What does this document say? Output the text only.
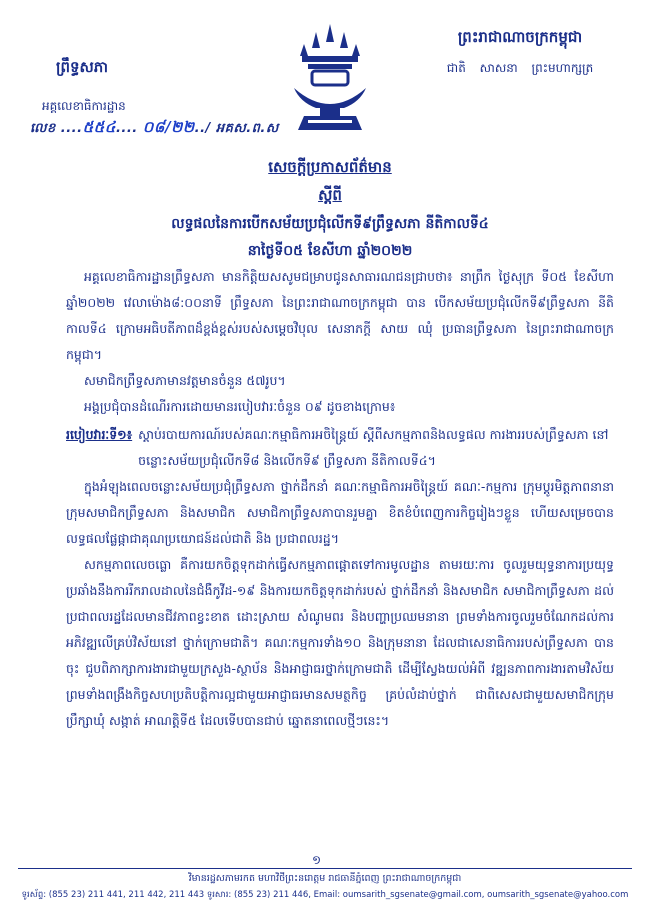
ព្រឹទ្ធសភា
អគ្គលេខាធិការដ្ឋាន
លេខ ....៥៥៤.... ០៨/២២../ អគស.ព.ស
ព្រះរាជាណាចក្រកម្ពុជា
ជាតិ សាសនា ព្រះមហាក្សត្រ
សេចក្តីប្រកាសព័ត៌មាន
ស្តីពី
លទ្ធផលនៃការបើកសម័យប្រជុំលើកទី៩ព្រឹទ្ធសភា នីតិកាលទី៤
នាថ្ងៃទី០៥ ខែសីហា ឆ្នាំ២០២២

អគ្គលេខាធិការដ្ឋានព្រឹទ្ធសភា មានកិត្តិយសសូមជម្រាបជូនសាធារណជនជ្រាបថា៖ នាព្រឹក ថ្ងៃសុក្រ ទី០៥ ខែសីហា ឆ្នាំ២០២២ វេលាម៉ោង៨:០០នាទី ព្រឹទ្ធសភា នៃព្រះរាជាណាចក្រកម្ពុជា បាន បើកសម័យប្រជុំលើកទី៩ព្រឹទ្ធសភា នីតិកាលទី៤ ក្រោមអធិបតីភាពដ៏ខ្ពង់ខ្ពស់របស់សម្តេចវិបុល សេនាភក្តី សាយ ឈុំ ប្រធានព្រឹទ្ធសភា នៃព្រះរាជាណាចក្រកម្ពុជា។

សមាជិកព្រឹទ្ធសភាមានវត្តមានចំនួន ៥៧រូប។

អង្គប្រជុំបានដំណើរការដោយមានរបៀបវារៈចំនួន ០៩ ដូចខាងក្រោម៖

របៀបវារៈទី១៖ ស្តាប់របាយការណ៍របស់គណៈកម្មាធិការអចិន្ត្រៃយ៍ ស្តីពីសកម្មភាពនិងលទ្ធផល ការងាររបស់ព្រឹទ្ធសភា នៅចន្លោះសម័យប្រជុំលើកទី៨ និងលើកទី៩ ព្រឹទ្ធសភា នីតិកាលទី៤។

ក្នុងអំឡុងពេលចន្លោះសម័យប្រជុំព្រឹទ្ធសភា ថ្នាក់ដឹកនាំ គណៈកម្មាធិការអចិន្ត្រៃយ៍ គណៈ-កម្មការ ក្រុមប្តូរមិត្តភាពនានា ក្រុមសមាជិកព្រឹទ្ធសភា និងសមាជិក សមាជិកាព្រឹទ្ធសភាបានរួមគ្នា ខិតខំបំពេញការកិច្ចរៀងៗខ្លួន ហើយសម្រេចបានលទ្ធផលផ្លែផ្កាជាគុណប្រយោជន៍ដល់ជាតិ និង ប្រជាពលរដ្ឋ។

សកម្មភាពលេចធ្លោ គឺការយកចិត្តទុកដាក់ធ្វើសកម្មភាពផ្តោតទៅការមូលដ្ឋាន តាមរយៈការ ចូលរួមយុទ្ធនាការប្រយុទ្ធប្រឆាំងនឹងការរីករាលដាលនៃជំងឺកូវីដ-១៩ និងការយកចិត្តទុកដាក់របស់ ថ្នាក់ដឹកនាំ និងសមាជិក សមាជិកាព្រឹទ្ធសភា ដល់ប្រជាពលរដ្ឋដែលមានជីវភាពខ្វះខាត ដោះស្រាយ សំណូមពរ និងបញ្ហាប្រឈមនានា ព្រមទាំងការចូលរួមចំណែកដល់ការអភិវឌ្ឍលើគ្រប់វិស័យនៅ ថ្នាក់ក្រោមជាតិ។ គណៈកម្មការទាំង១០ និងក្រុមនានា ដែលជាសេនាធិការរបស់ព្រឹទ្ធសភា បានចុះ ជួបពិភាក្សាការងារជាមួយក្រសួង-ស្ថាប័ន និងអាជ្ញាធរថ្នាក់ក្រោមជាតិ ដើម្បីស្វែងយល់អំពី វឌ្ឍនភាពការងារតាមវិស័យ ព្រមទាំងពង្រឹងកិច្ចសហប្រតិបត្តិការល្អជាមួយអាជ្ញាធរមានសមត្ថកិច្ច គ្រប់លំដាប់ថ្នាក់ ជាពិសេសជាមួយសមាជិកក្រុមប្រឹក្សាឃុំ សង្កាត់ អាណត្តិទី៥ ដែលទើបបានជាប់ ឆ្នោតនាពេលថ្មីៗនេះ។

១
វិមានរដ្ឋសភាមរកត មហាវិថីព្រះនរោត្តម រាជធានីភ្នំពេញ ព្រះរាជាណាចក្រកម្ពុជា
ទូរស័ព្ទ: (855 23) 211 441, 211 442, 211 443 ទូរសារ: (855 23) 211 446, Email: oumsarith_sgsenate@gmail.com, oumsarith_sgsenate@yahoo.com
